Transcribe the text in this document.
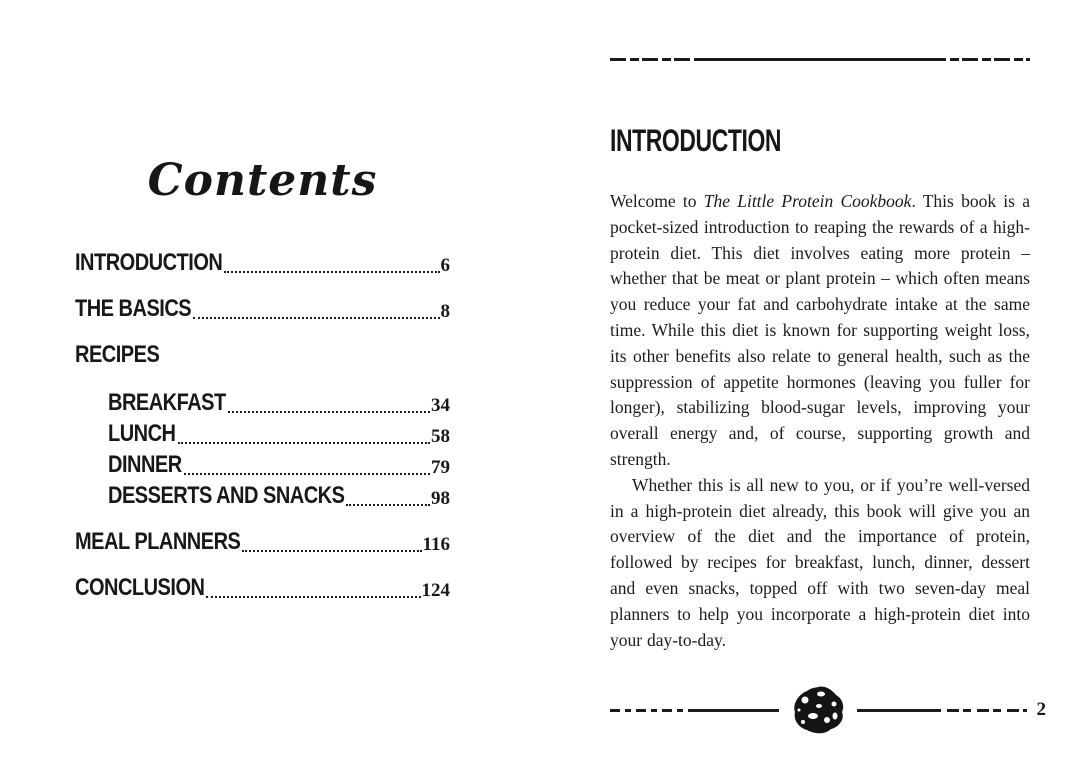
Contents
INTRODUCTION	6
THE BASICS	8
RECIPES
BREAKFAST	34
LUNCH	58
DINNER	79
DESSERTS AND SNACKS	98
MEAL PLANNERS	116
CONCLUSION	124
INTRODUCTION

Welcome to The Little Protein Cookbook. This book is a pocket-sized introduction to reaping the rewards of a high-protein diet. This diet involves eating more protein – whether that be meat or plant protein – which often means you reduce your fat and carbohydrate intake at the same time. While this diet is known for supporting weight loss, its other benefits also relate to general health, such as the suppression of appetite hormones (leaving you fuller for longer), stabilizing blood-sugar levels, improving your overall energy and, of course, supporting growth and strength.

Whether this is all new to you, or if you’re well-versed in a high-protein diet already, this book will give you an overview of the diet and the importance of protein, followed by recipes for breakfast, lunch, dinner, dessert and even snacks, topped off with two seven-day meal planners to help you incorporate a high-protein diet into your day-to-day.

2
